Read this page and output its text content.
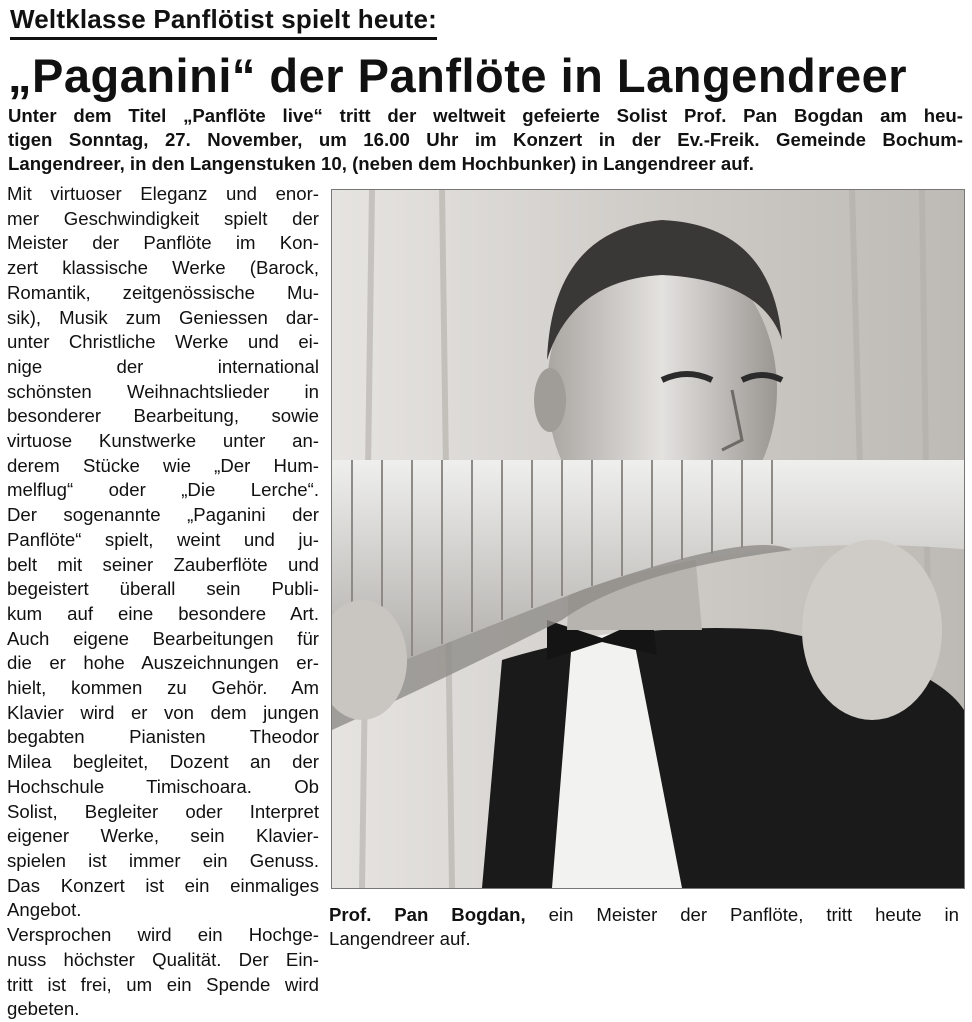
Weltklasse Panflötist spielt heute:
„Paganini“ der Panflöte in Langendreer
Unter dem Titel „Panflöte live“ tritt der weltweit gefeierte Solist Prof. Pan Bogdan am heu-
tigen Sonntag, 27. November, um 16.00 Uhr im Konzert in der Ev.-Freik. Gemeinde Bochum-
Langendreer, in den Langenstuken 10, (neben dem Hochbunker) in Langendreer auf.
Mit virtuoser Eleganz und enor-
mer Geschwindigkeit spielt der
Meister der Panflöte im Kon-
zert klassische Werke (Barock,
Romantik, zeitgenössische Mu-
sik), Musik zum Geniessen dar-
unter Christliche Werke und ei-
nige der international
schönsten Weihnachtslieder in
besonderer Bearbeitung, sowie
virtuose Kunstwerke unter an-
derem Stücke wie „Der Hum-
melflug“ oder „Die Lerche“.
Der sogenannte „Paganini der
Panflöte“ spielt, weint und ju-
belt mit seiner Zauberflöte und
begeistert überall sein Publi-
kum auf eine besondere Art.
Auch eigene Bearbeitungen für
die er hohe Auszeichnungen er-
hielt, kommen zu Gehör. Am
Klavier wird er von dem jungen
begabten Pianisten Theodor
Milea begleitet, Dozent an der
Hochschule Timischoara. Ob
Solist, Begleiter oder Interpret
eigener Werke, sein Klavier-
spielen ist immer ein Genuss.
Das Konzert ist ein einmaliges
Angebot.
Versprochen wird ein Hochge-
nuss höchster Qualität. Der Ein-
tritt ist frei, um ein Spende wird
gebeten.
Prof. Pan Bogdan, ein Meister der Panflöte, tritt heute in
Langendreer auf.
